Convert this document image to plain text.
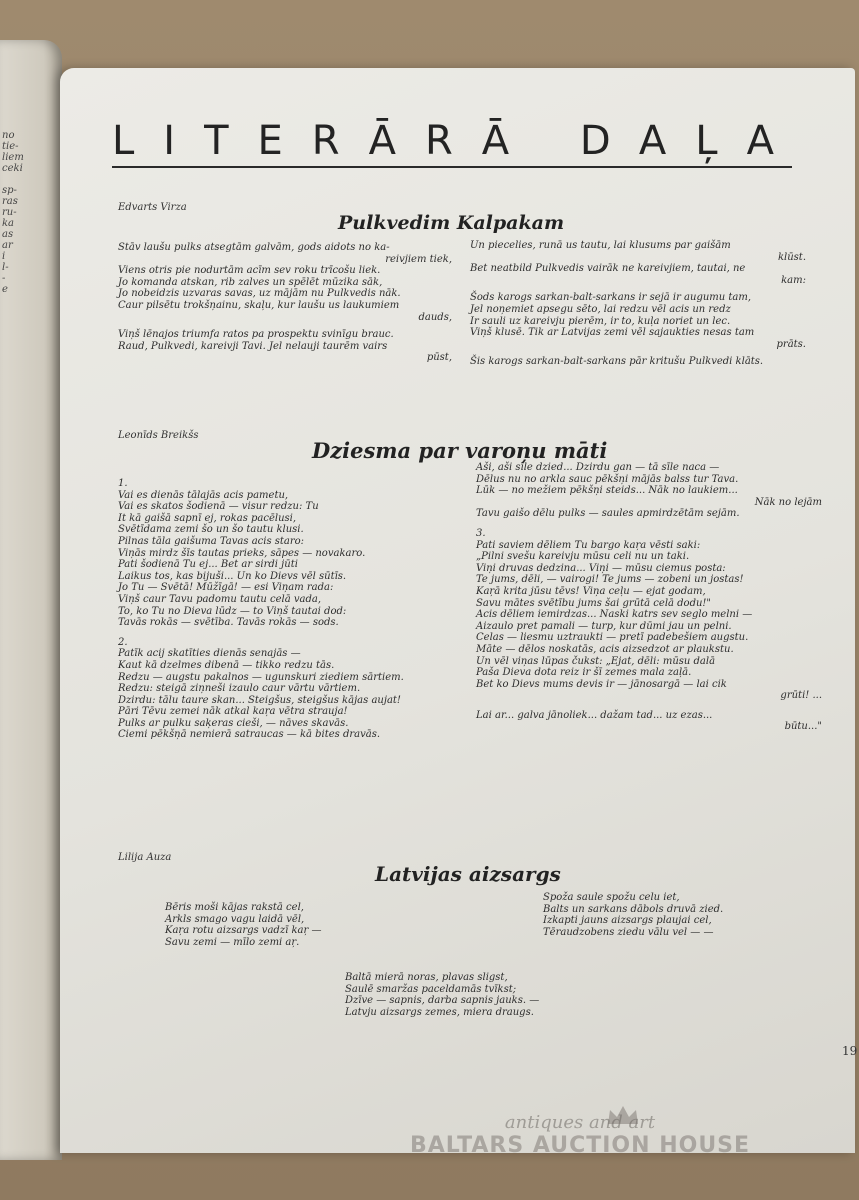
no
tie-
liem
ceki

sp-
ras
ru-
ka
as
ar
i
l-
-
e
LITERĀRĀ DAĻA
Edvarts Virza
Pulkvedim Kalpakam

Stāv laušu pulks atsegtām galvām, gods aidots no ka-

reivjiem tiek,

Viens otris pie nodurtām acīm sev roku trīcošu liek.

Jo komanda atskan, rib zalves un spēlēt mūzika sāk,

Jo nobeidzis uzvaras savas, uz mājām nu Pulkvedis nāk.

Caur pilsētu trokšņainu, skaļu, kur laušu us laukumiem

dauds,

Viņš lēnajos triumfa ratos pa prospektu svinīgu brauc.

Raud, Pulkvedi, kareivji Tavi. Jel nelauji taurēm vairs

pūst,

Un piecelies, runā us tautu, lai klusums par gaišām

klūst.

Bet neatbild Pulkvedis vairāk ne kareivjiem, tautai, ne

kam:

Šods karogs sarkan-balt-sarkans ir sejā ir augumu tam,

Jel noņemiet apsegu sēto, lai redzu vēl acis un redz

Ir sauli uz kareivju pierēm, ir to, kuļa noriet un lec.

Viņš klusē. Tik ar Latvijas zemi vēl sajaukties nesas tam

prāts.

Šis karogs sarkan-balt-sarkans pār kritušu Pulkvedi klāts.

Leonīds Breikšs
Dziesma par varoņu māti

1.

Vai es dienās tālajās acis pametu,

Vai es skatos šodienā — visur redzu: Tu

It kā gaišā sapnī ej, rokas pacēlusi,

Svētīdama zemi šo un šo tautu klusi.

Pilnas tāla gaišuma Tavas acis staro:

Viņās mirdz šīs tautas prieks, sāpes — novakaro.

Pati šodienā Tu ej... Bet ar sirdi jūti

Laikus tos, kas bijuši... Un ko Dievs vēl sūtīs.

Jo Tu — Svētā! Mūžīgā! — esi Viņam rada:

Viņš caur Tavu padomu tautu celā vada,

To, ko Tu no Dieva lūdz — to Viņš tautai dod:

Tavās rokās — svētība. Tavās rokās — sods.

2.

Patīk acij skatīties dienās senajās —

Kaut kā dzelmes dibenā — tikko redzu tās.

Redzu — augstu pakalnos — ugunskuri ziediem sārtiem.

Redzu: steigā ziņneši izaulo caur vārtu vārtiem.

Dzirdu: tālu taure skan... Steigšus, steigšus kājas aujat!

Pāri Tēvu zemei nāk atkal kaŗa vētra strauja!

Pulks ar pulku saķeras cieši, — nāves skavās.

Ciemi pēkšņā nemierā satraucas — kā bites dravās.

Aši, aši sīle dzied... Dzirdu gan — tā sīle naca —

Dēlus nu no arkla sauc pēkšņi mājās balss tur Tava.

Lūk — no mežiem pēkšņi steids... Nāk no laukiem...

Nāk no lejām

Tavu gaišo dēlu pulks — saules apmirdzētām sejām.

3.

Pati saviem dēliem Tu bargo kaŗa vēsti saki:

„Pilni svešu kareivju mūsu celi nu un taki.

Viņi druvas dedzina... Viņi — mūsu ciemus posta:

Te jums, dēli, — vairogi! Te jums — zobeni un jostas!

Kaŗā krita jūsu tēvs! Viņa ceļu — ejat godam,

Savu mātes svētību jums šai grūtā celā dodu!"

Acis dēliem iemirdzas... Naski katrs sev seglo melni —

Aizaulo pret pamali — turp, kur dūmi jau un pelni.

Celas — liesmu uztraukti — pretī padebešiem augstu.

Māte — dēlos noskatās, acis aizsedzot ar plaukstu.

Un vēl viņas lūpas čukst: „Ejat, dēli: mūsu dalā

Paša Dieva dota reiz ir šī zemes mala zaļā.

Bet ko Dievs mums devis ir — jānosargā — lai cik

grūti! ...

Lai ar... galva jānoliek... dažam tad... uz ezas...

būtu..."

Lilija Auza
Latvijas aizsargs

Bēris moši kājas rakstā cel,

Arkls smago vagu laidā vēl,

Kaŗa rotu aizsargs vadzī kaŗ —

Savu zemi — mīlo zemi aŗ.

Spoža saule spožu celu iet,

Balts un sarkans dābols druvā zied.

Izkapti jauns aizsargs plaujai cel,

Tēraudzobens ziedu vālu vel — —

Baltā mierā noras, plavas sligst,

Saulē smaržas paceldamās tvīkst;

Dzīve — sapnis, darba sapnis jauks. —

Latvju aizsargs zemes, miera draugs.

19
antiques and art
BALTARS AUCTION HOUSE
